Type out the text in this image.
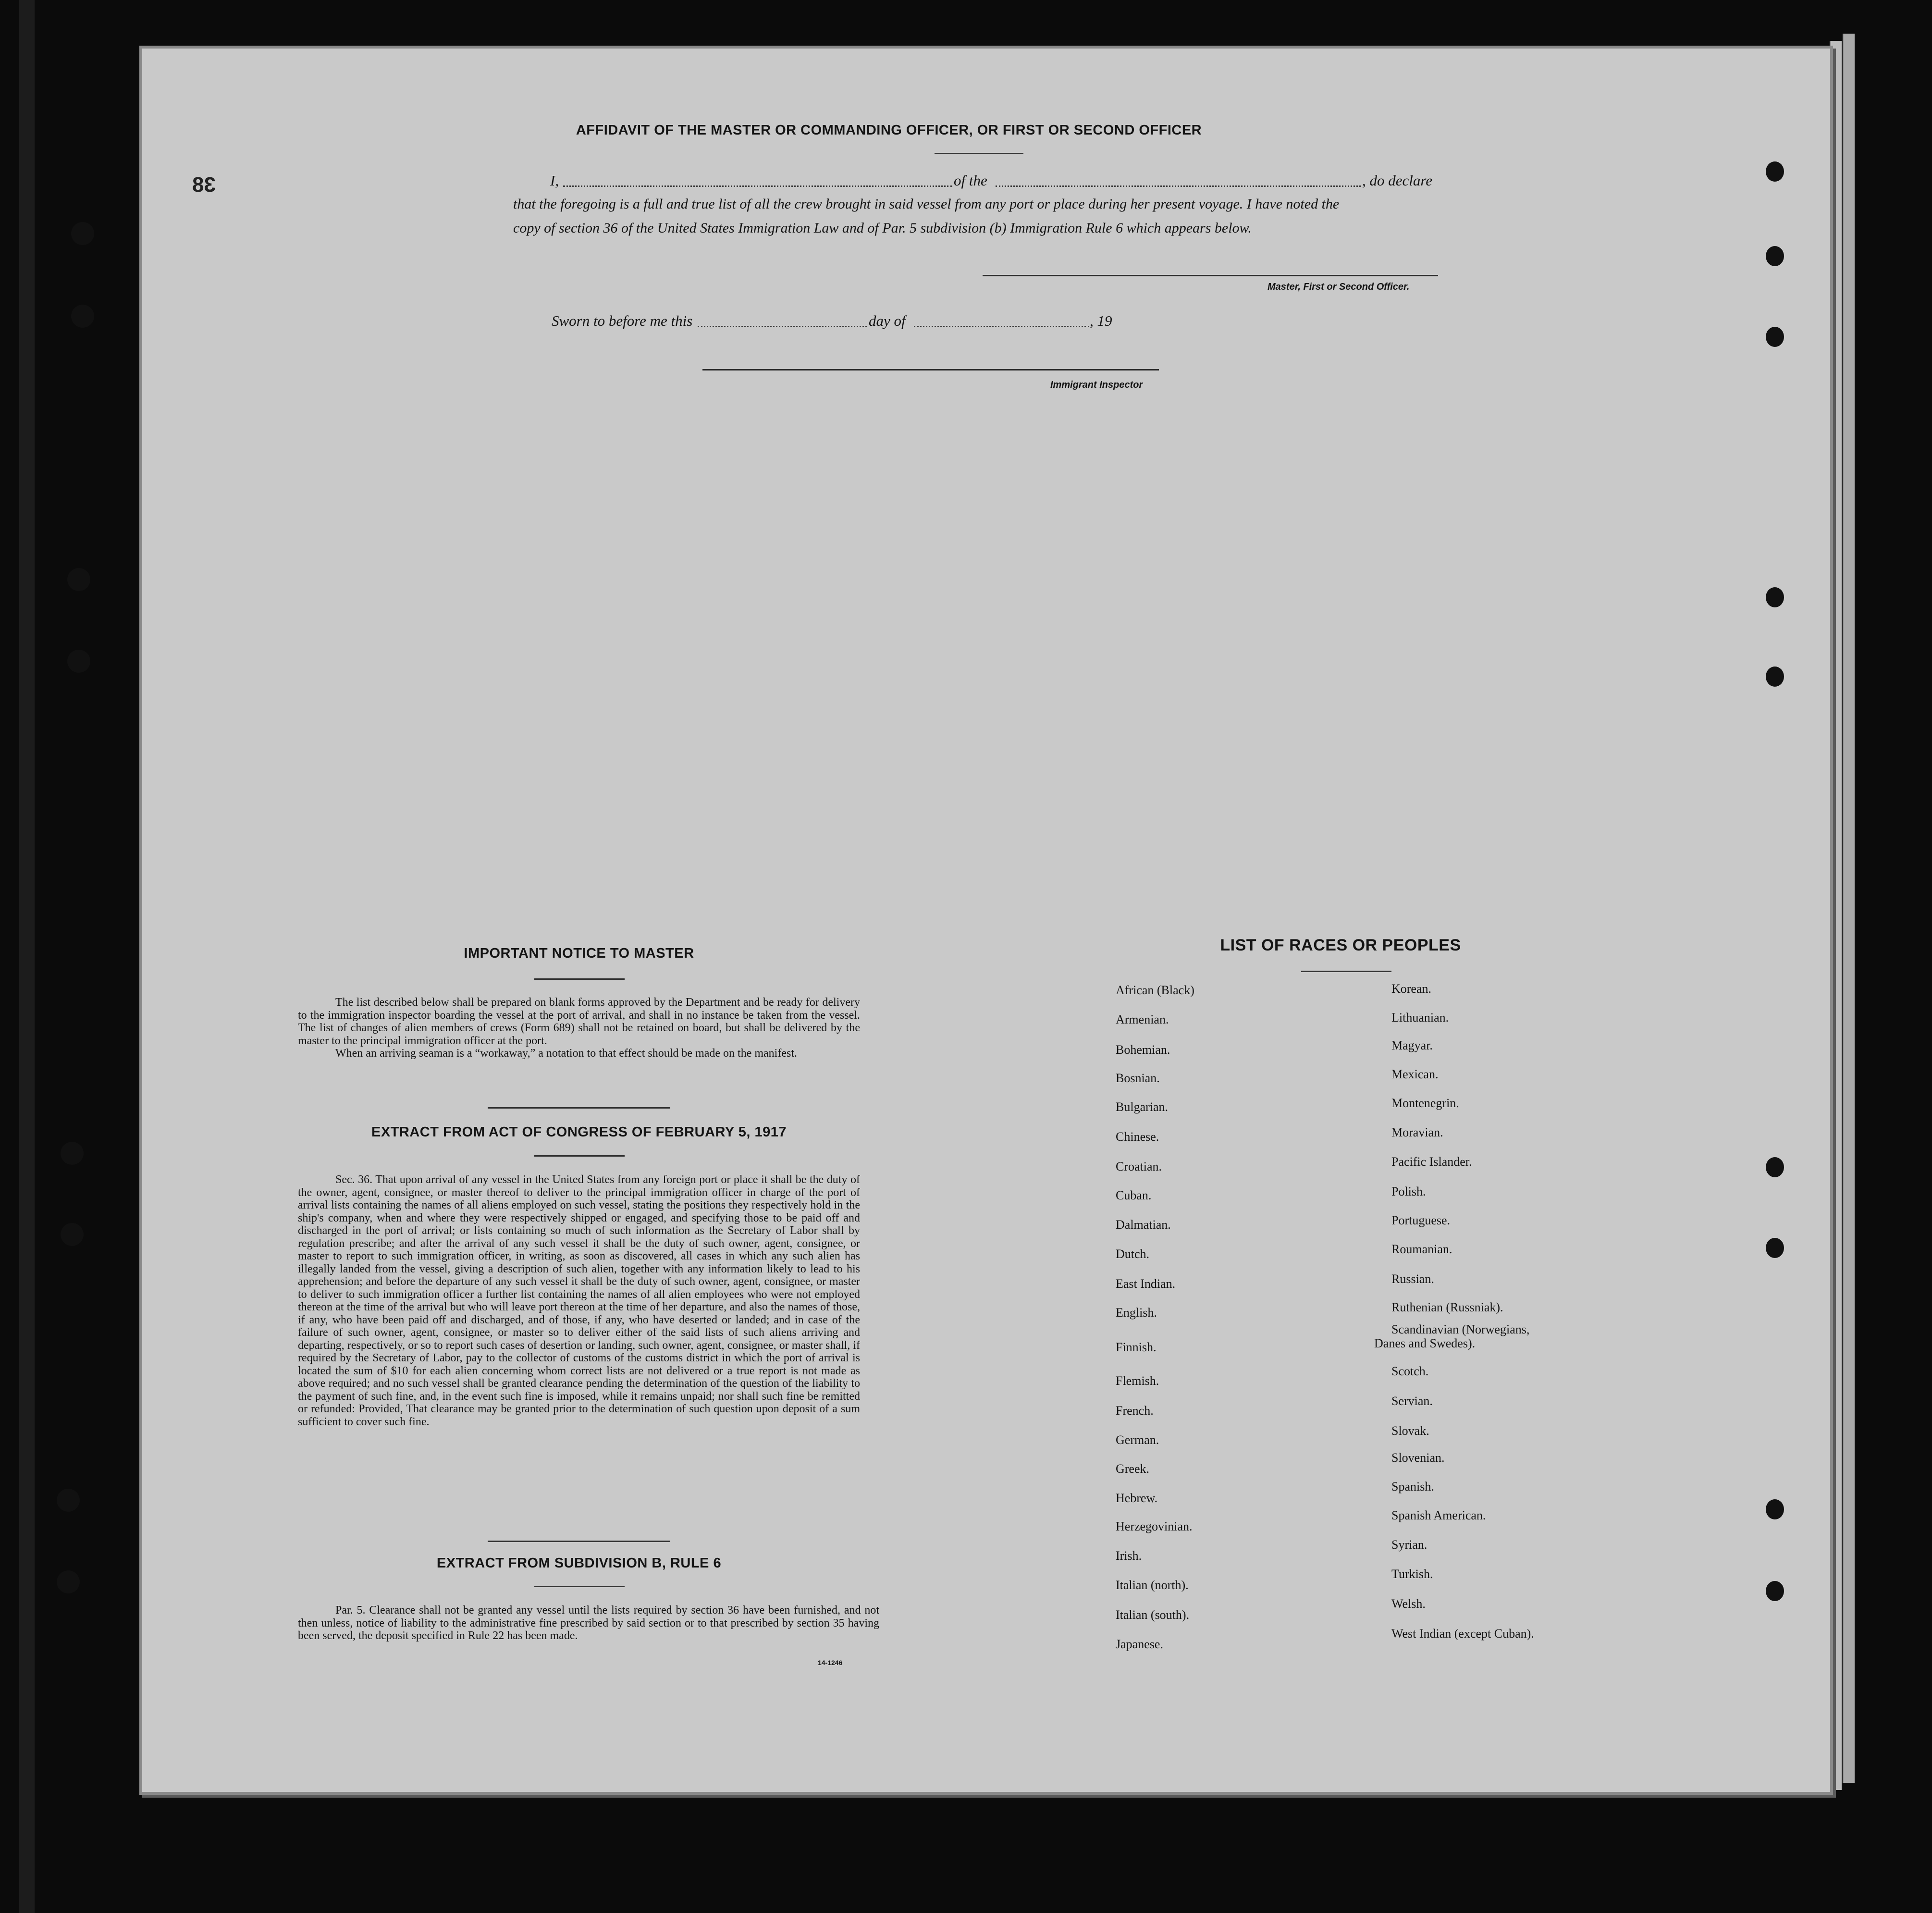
38
AFFIDAVIT OF THE MASTER OR COMMANDING OFFICER, OR FIRST OR SECOND OFFICER
I,	of the	, do declare
that the foregoing is a full and true list of all the crew brought in said vessel from any port or place during her present voyage. I have noted the
copy of section 36 of the United States Immigration Law and of Par. 5 subdivision (b) Immigration Rule 6 which appears below.
Master, First or Second Officer.
Sworn to before me this	day of	, 19
Immigrant Inspector
IMPORTANT NOTICE TO MASTER

The list described below shall be prepared on blank forms approved by the Department and be ready for delivery to the immigration inspector boarding the vessel at the port of arrival, and shall in no instance be taken from the vessel. The list of changes of alien members of crews (Form 689) shall not be retained on board, but shall be delivered by the master to the principal immigration officer at the port.

When an arriving seaman is a “workaway,” a notation to that effect should be made on the manifest.

EXTRACT FROM ACT OF CONGRESS OF FEBRUARY 5, 1917

Sec. 36. That upon arrival of any vessel in the United States from any foreign port or place it shall be the duty of the owner, agent, consignee, or master thereof to deliver to the principal immigration officer in charge of the port of arrival lists containing the names of all aliens employed on such vessel, stating the positions they respectively hold in the ship's company, when and where they were respectively shipped or engaged, and specifying those to be paid off and discharged in the port of arrival; or lists containing so much of such information as the Secretary of Labor shall by regulation prescribe; and after the arrival of any such vessel it shall be the duty of such owner, agent, consignee, or master to report to such immigration officer, in writing, as soon as discovered, all cases in which any such alien has illegally landed from the vessel, giving a description of such alien, together with any information likely to lead to his apprehension; and before the departure of any such vessel it shall be the duty of such owner, agent, consignee, or master to deliver to such immigration officer a further list containing the names of all alien employees who were not employed thereon at the time of the arrival but who will leave port thereon at the time of her departure, and also the names of those, if any, who have been paid off and discharged, and of those, if any, who have deserted or landed; and in case of the failure of such owner, agent, consignee, or master so to deliver either of the said lists of such aliens arriving and departing, respectively, or so to report such cases of desertion or landing, such owner, agent, consignee, or master shall, if required by the Secretary of Labor, pay to the collector of customs of the customs district in which the port of arrival is located the sum of $10 for each alien concerning whom correct lists are not delivered or a true report is not made as above required; and no such vessel shall be granted clearance pending the determination of the question of the liability to the payment of such fine, and, in the event such fine is imposed, while it remains unpaid; nor shall such fine be remitted or refunded: Provided, That clearance may be granted prior to the determination of such question upon deposit of a sum sufficient to cover such fine.

EXTRACT FROM SUBDIVISION B, RULE 6

Par. 5. Clearance shall not be granted any vessel until the lists required by section 36 have been furnished, and not then unless, notice of liability to the administrative fine prescribed by said section or to that prescribed by section 35 having been served, the deposit specified in Rule 22 has been made.

14-1246
LIST OF RACES OR PEOPLES
African (Black)
Armenian.
Bohemian.
Bosnian.
Bulgarian.
Chinese.
Croatian.
Cuban.
Dalmatian.
Dutch.
East Indian.
English.
Finnish.
Flemish.
French.
German.
Greek.
Hebrew.
Herzegovinian.
Irish.
Italian (north).
Italian (south).
Japanese.
Korean.
Lithuanian.
Magyar.
Mexican.
Montenegrin.
Moravian.
Pacific Islander.
Polish.
Portuguese.
Roumanian.
Russian.
Ruthenian (Russniak).
Scandinavian (Norwegians,
Danes and Swedes).
Scotch.
Servian.
Slovak.
Slovenian.
Spanish.
Spanish American.
Syrian.
Turkish.
Welsh.
West Indian (except Cuban).
